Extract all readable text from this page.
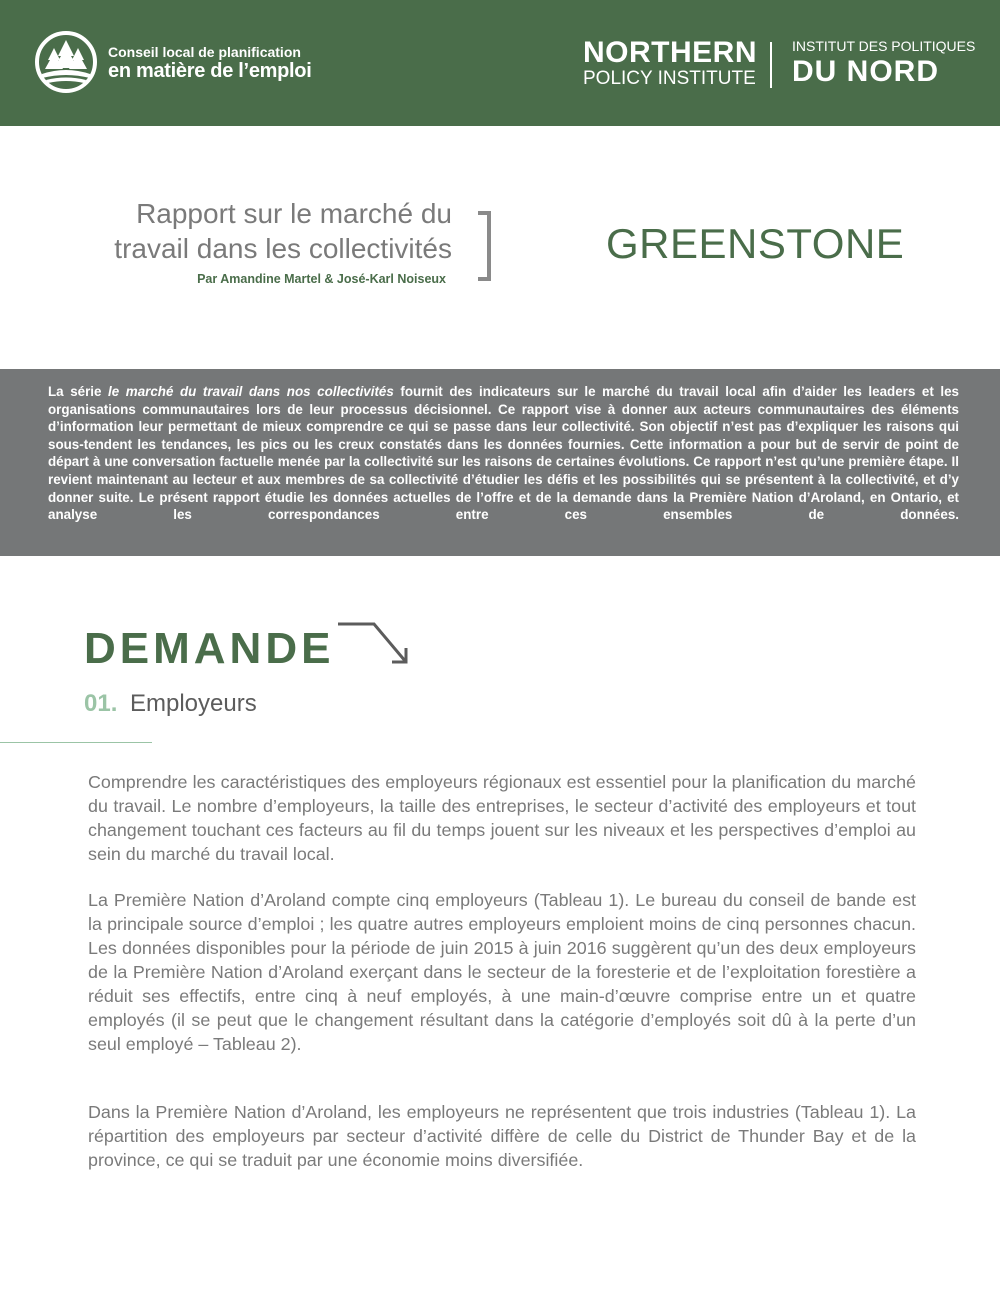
Conseil local de planification
en matière de l’emploi
NORTHERN
POLICY INSTITUTE
INSTITUT DES POLITIQUES
DU NORD
Rapport sur le marché du
travail dans les collectivités
Par Amandine Martel & José-Karl Noiseux
GREENSTONE
La série le marché du travail dans nos collectivités fournit des indicateurs sur le marché du travail local afin d’aider les leaders et les organisations communautaires lors de leur processus décisionnel. Ce rapport vise à donner aux acteurs communautaires des éléments d’information leur permettant de mieux comprendre ce qui se passe dans leur collectivité. Son objectif n’est pas d’expliquer les raisons qui sous-tendent les tendances, les pics ou les creux constatés dans les données fournies. Cette information a pour but de servir de point de départ à une conversation factuelle menée par la collectivité sur les raisons de certaines évolutions. Ce rapport n’est qu’une première étape. Il revient maintenant au lecteur et aux membres de sa collectivité d’étudier les défis et les possibilités qui se présentent à la collectivité, et d’y donner suite. Le présent rapport étudie les données actuelles de l’offre et de la demande dans la Première Nation d’Aroland, en Ontario, et analyse les correspondances entre ces ensembles de données.
DEMANDE
01. Employeurs

Comprendre les caractéristiques des employeurs régionaux est essentiel pour la planification du marché du travail. Le nombre d’employeurs, la taille des entreprises, le secteur d’activité des employeurs et tout changement touchant ces facteurs au fil du temps jouent sur les niveaux et les perspectives d’emploi au sein du marché du travail local.

La Première Nation d’Aroland compte cinq employeurs (Tableau 1). Le bureau du conseil de bande est la principale source d’emploi ; les quatre autres employeurs emploient moins de cinq personnes chacun. Les données disponibles pour la période de juin 2015 à juin 2016 suggèrent qu’un des deux employeurs de la Première Nation d’Aroland exerçant dans le secteur de la foresterie et de l’exploitation forestière a réduit ses effectifs, entre cinq à neuf employés, à une main-d’œuvre comprise entre un et quatre employés (il se peut que le changement résultant dans la catégorie d’employés soit dû à la perte d’un seul employé – Tableau 2).

Dans la Première Nation d’Aroland, les employeurs ne représentent que trois industries (Tableau 1). La répartition des employeurs par secteur d’activité diffère de celle du District de Thunder Bay et de la province, ce qui se traduit par une économie moins diversifiée.
